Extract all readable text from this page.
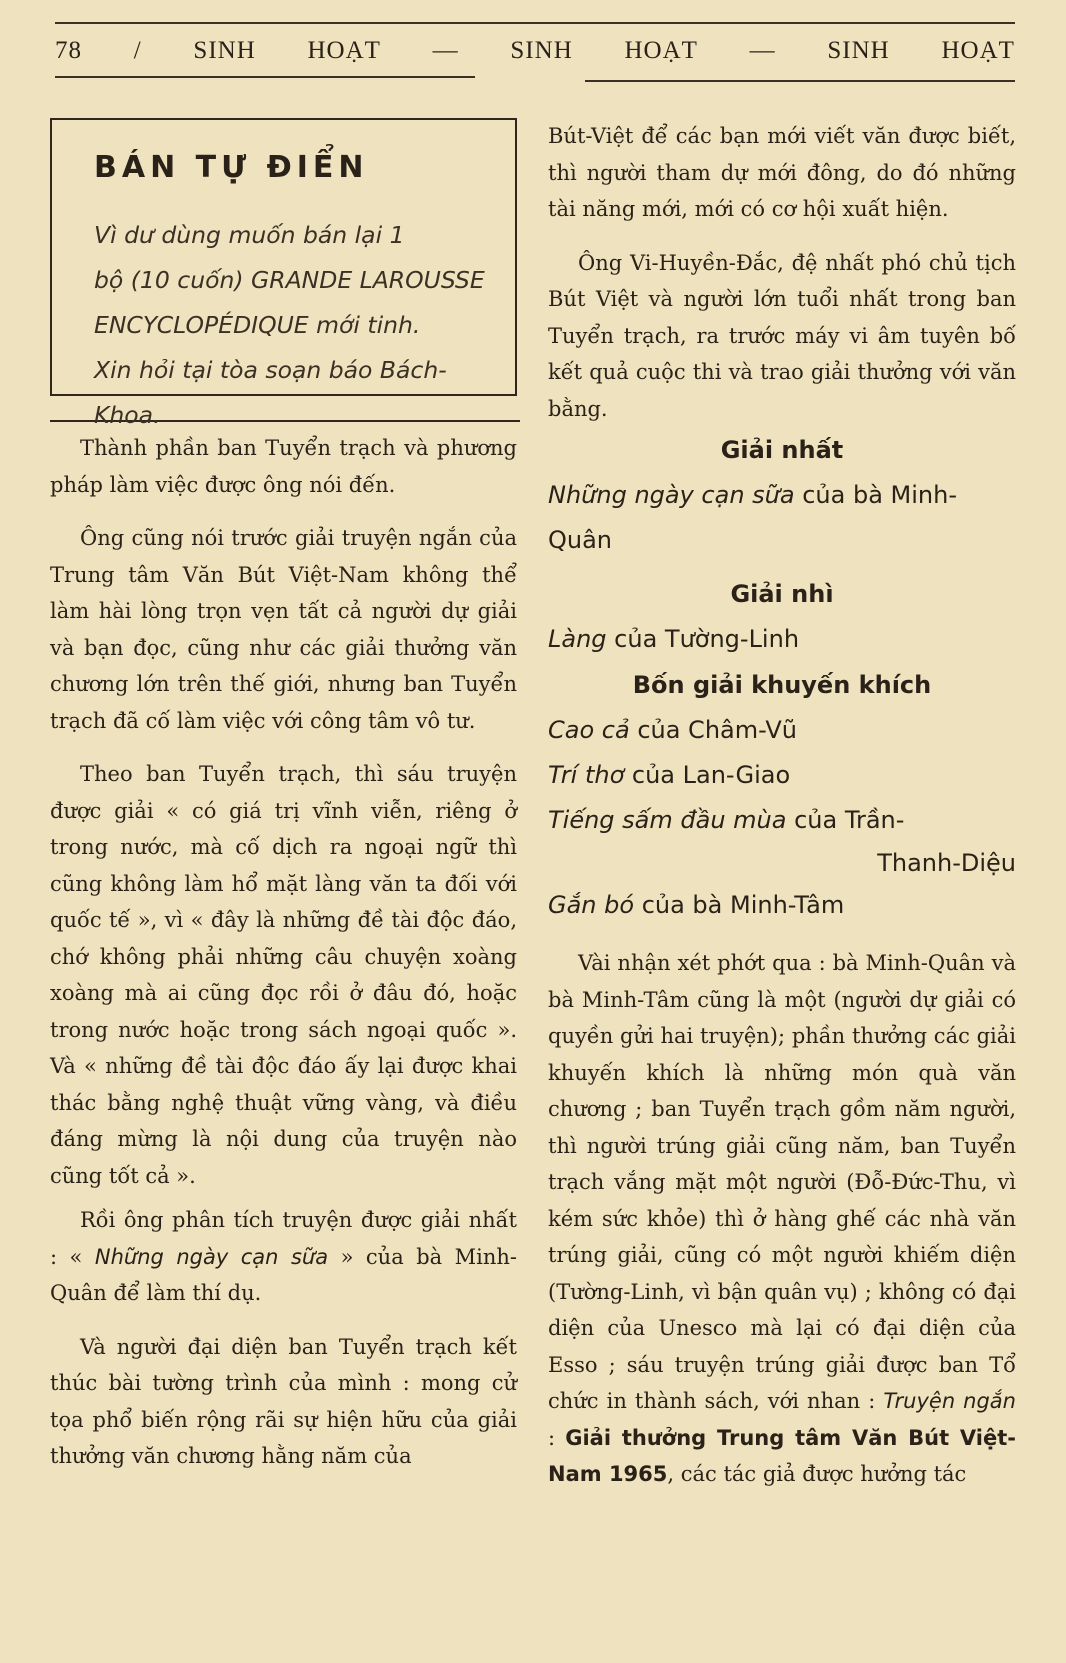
78 / SINH HOẠT — SINH HOẠT — SINH HOẠT
BÁN TỰ ĐIỂN
Vì dư dùng muốn bán lại 1
bộ (10 cuốn) GRANDE LAROUSSE
ENCYCLOPÉDIQUE mới tinh.
Xin hỏi tại tòa soạn báo Bách-Khoa.

Thành phần ban Tuyển trạch và phương pháp làm việc được ông nói đến.

Ông cũng nói trước giải truyện ngắn của Trung tâm Văn Bút Việt-Nam không thể làm hài lòng trọn vẹn tất cả người dự giải và bạn đọc, cũng như các giải thưởng văn chương lớn trên thế giới, nhưng ban Tuyển trạch đã cố làm việc với công tâm vô tư.

Theo ban Tuyển trạch, thì sáu truyện được giải « có giá trị vĩnh viễn, riêng ở trong nước, mà cố dịch ra ngoại ngữ thì cũng không làm hổ mặt làng văn ta đối với quốc tế », vì « đây là những đề tài độc đáo, chớ không phải những câu chuyện xoàng xoàng mà ai cũng đọc rồi ở đâu đó, hoặc trong nước hoặc trong sách ngoại quốc ». Và « những đề tài độc đáo ấy lại được khai thác bằng nghệ thuật vững vàng, và điều đáng mừng là nội dung của truyện nào cũng tốt cả ».

Rồi ông phân tích truyện được giải nhất : « Những ngày cạn sữa » của bà Minh-Quân để làm thí dụ.

Và người đại diện ban Tuyển trạch kết thúc bài tường trình của mình : mong cử tọa phổ biến rộng rãi sự hiện hữu của giải thưởng văn chương hằng năm của

Bút-Việt để các bạn mới viết văn được biết, thì người tham dự mới đông, do đó những tài năng mới, mới có cơ hội xuất hiện.

Ông Vi-Huyền-Đắc, đệ nhất phó chủ tịch Bút Việt và người lớn tuổi nhất trong ban Tuyển trạch, ra trước máy vi âm tuyên bố kết quả cuộc thi và trao giải thưởng với văn bằng.

Giải nhất

Những ngày cạn sữa của bà Minh-Quân

Giải nhì

Làng của Tường-Linh

Bốn giải khuyến khích

Cao cả của Châm-Vũ

Trí thơ của Lan-Giao

Tiếng sấm đầu mùa của Trần-

Thanh-Diệu

Gắn bó của bà Minh-Tâm

Vài nhận xét phớt qua : bà Minh-Quân và bà Minh-Tâm cũng là một (người dự giải có quyền gửi hai truyện); phần thưởng các giải khuyến khích là những món quà văn chương ; ban Tuyển trạch gồm năm người, thì người trúng giải cũng năm, ban Tuyển trạch vắng mặt một người (Đỗ-Đức-Thu, vì kém sức khỏe) thì ở hàng ghế các nhà văn trúng giải, cũng có một người khiếm diện (Tường-Linh, vì bận quân vụ) ; không có đại diện của Unesco mà lại có đại diện của Esso ; sáu truyện trúng giải được ban Tổ chức in thành sách, với nhan : Truyện ngắn : Giải thưởng Trung tâm Văn Bút Việt-Nam 1965, các tác giả được hưởng tác
